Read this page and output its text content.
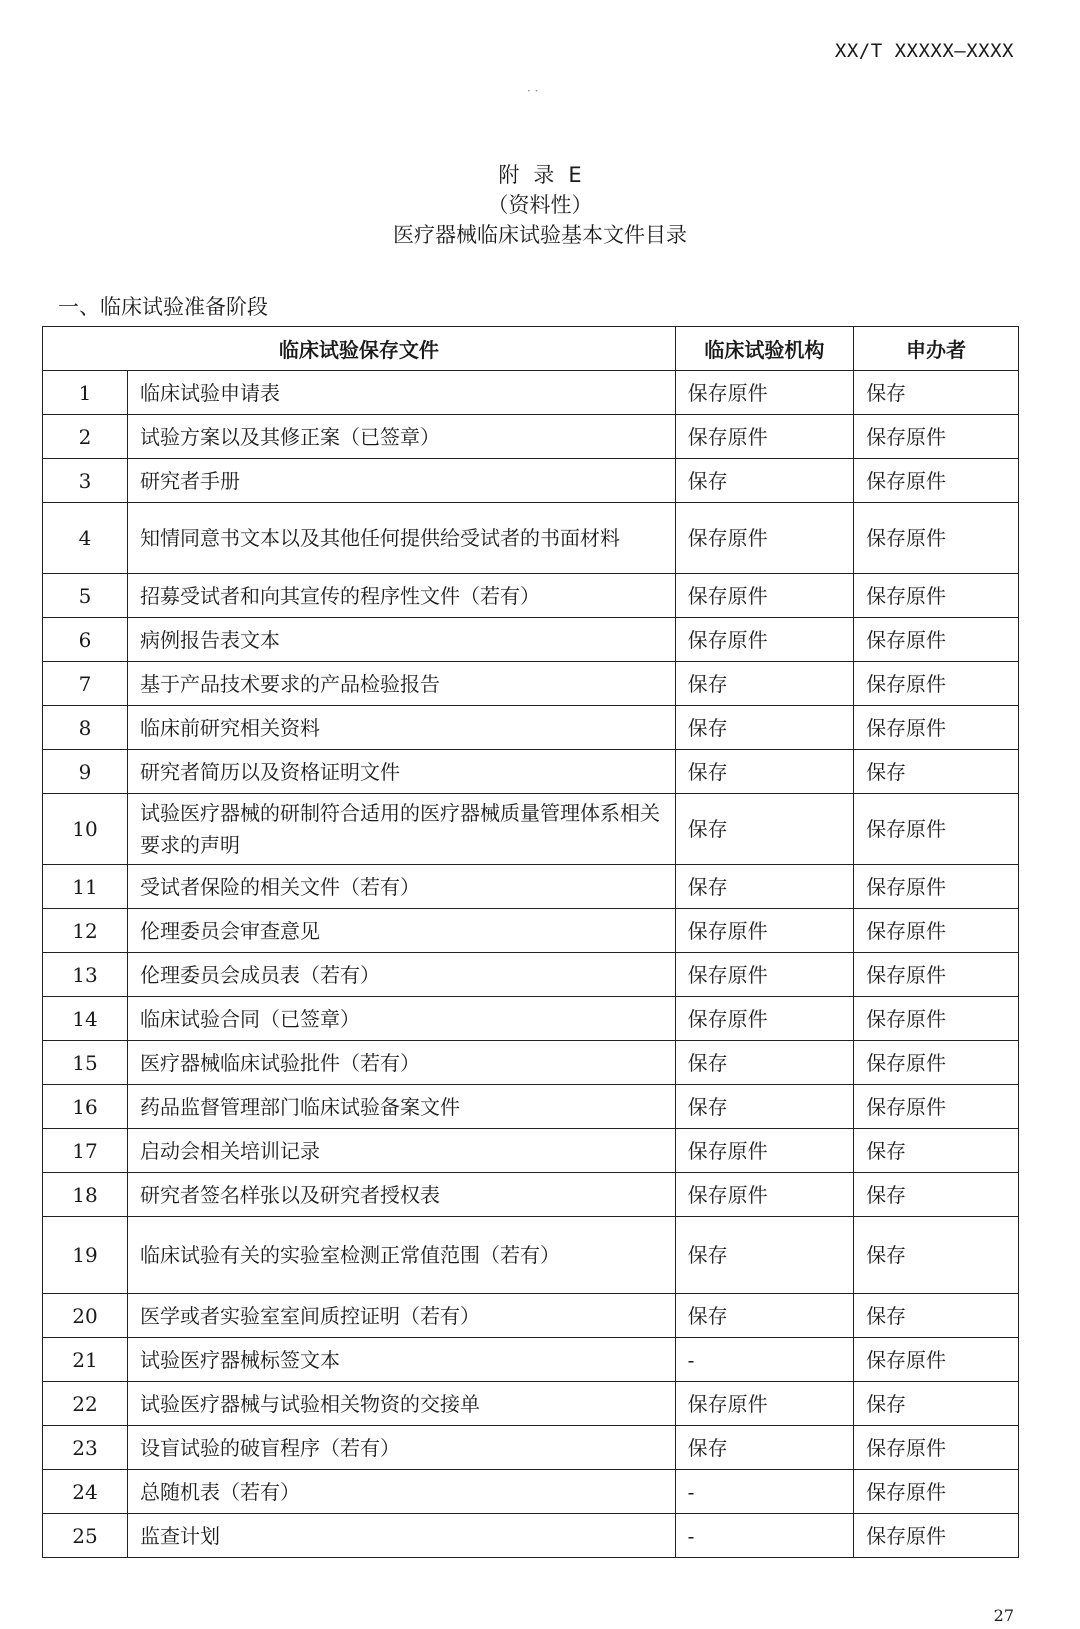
XX/T XXXXX—XXXX
· ·
附录E
（资料性）
医疗器械临床试验基本文件目录
一、临床试验准备阶段
临床试验保存文件		临床试验机构	申办者
1	临床试验申请表	保存原件	保存
2	试验方案以及其修正案（已签章）	保存原件	保存原件
3	研究者手册	保存	保存原件
4	知情同意书文本以及其他任何提供给受试者的书面材料	保存原件	保存原件
5	招募受试者和向其宣传的程序性文件（若有）	保存原件	保存原件
6	病例报告表文本	保存原件	保存原件
7	基于产品技术要求的产品检验报告	保存	保存原件
8	临床前研究相关资料	保存	保存原件
9	研究者简历以及资格证明文件	保存	保存
10	试验医疗器械的研制符合适用的医疗器械质量管理体系相关要求的声明	保存	保存原件
11	受试者保险的相关文件（若有）	保存	保存原件
12	伦理委员会审查意见	保存原件	保存原件
13	伦理委员会成员表（若有）	保存原件	保存原件
14	临床试验合同（已签章）	保存原件	保存原件
15	医疗器械临床试验批件（若有）	保存	保存原件
16	药品监督管理部门临床试验备案文件	保存	保存原件
17	启动会相关培训记录	保存原件	保存
18	研究者签名样张以及研究者授权表	保存原件	保存
19	临床试验有关的实验室检测正常值范围（若有）	保存	保存
20	医学或者实验室室间质控证明（若有）	保存	保存
21	试验医疗器械标签文本	-	保存原件
22	试验医疗器械与试验相关物资的交接单	保存原件	保存
23	设盲试验的破盲程序（若有）	保存	保存原件
24	总随机表（若有）	-	保存原件
25	监查计划	-	保存原件
27
